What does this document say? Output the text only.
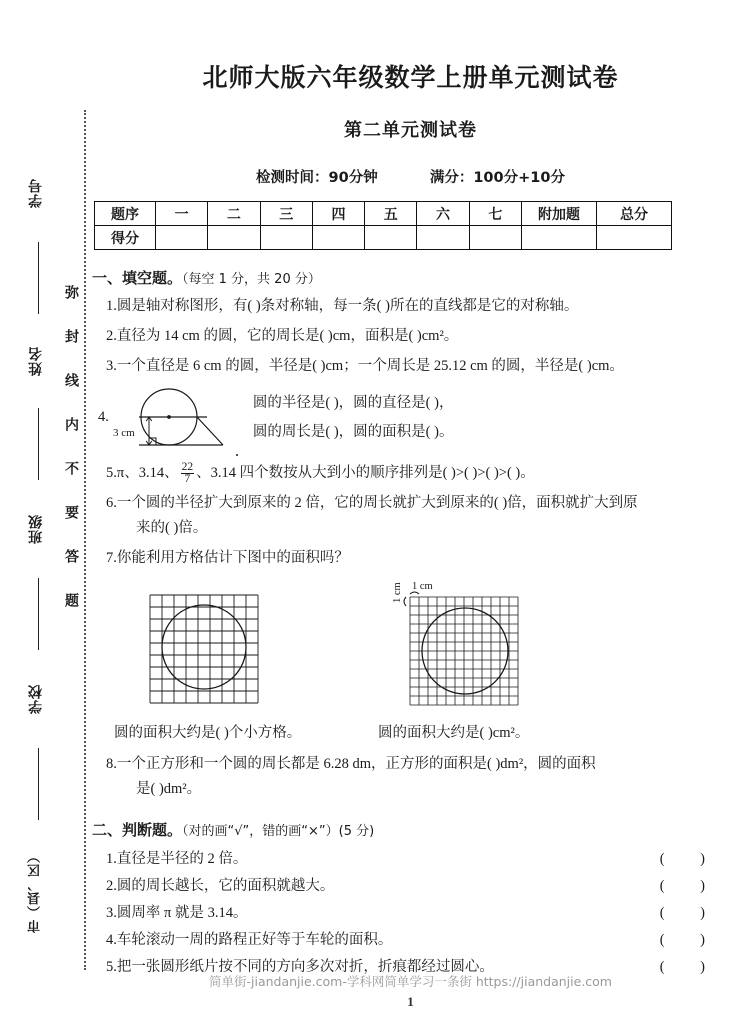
学号
姓名
班级
学校
市（县、区）
弥封线内不要答题
北师大版六年级数学上册单元测试卷
第二单元测试卷
检测时间：90分钟	满分：100分+10分
题序	一	二	三	四	五	六	七	附加题	总分
得分									
一、填空题。（每空 1 分，共 20 分）
1.圆是轴对称图形，有( )条对称轴，每一条( )所在的直线都是它的对称轴。
2.直径为 14 cm 的圆，它的周长是( )cm，面积是( )cm²。
3.一个直径是 6 cm 的圆，半径是( )cm；一个周长是 25.12 cm 的圆，半径是( )cm。
4.
3 cm
圆的半径是( )，圆的直径是( )，
圆的周长是( )，圆的面积是( )。
5.π、3.14、 $\frac{22}{7}$ 、3.14 四个数按从大到小的顺序排列是( )>( )>( )>( )。
6.一个圆的半径扩大到原来的 2 倍，它的周长就扩大到原来的( )倍，面积就扩大到原
来的( )倍。
7.你能利用方格估计下图中的面积吗？
圆的面积大约是( )个小方格。
1 cm
1 cm
圆的面积大约是( )cm²。
8.一个正方形和一个圆的周长都是 6.28 dm，正方形的面积是( )dm²，圆的面积
是( )dm²。
二、判断题。（对的画“√”，错的画“×”）(5 分)
1.直径是半径的 2 倍。	( )
2.圆的周长越长，它的面积就越大。	( )
3.圆周率 π 就是 3.14。	( )
4.车轮滚动一周的路程正好等于车轮的面积。	( )
5.把一张圆形纸片按不同的方向多次对折，折痕都经过圆心。	( )
简单街-jiandanjie.com-学科网简单学习一条街 https://jiandanjie.com
1
